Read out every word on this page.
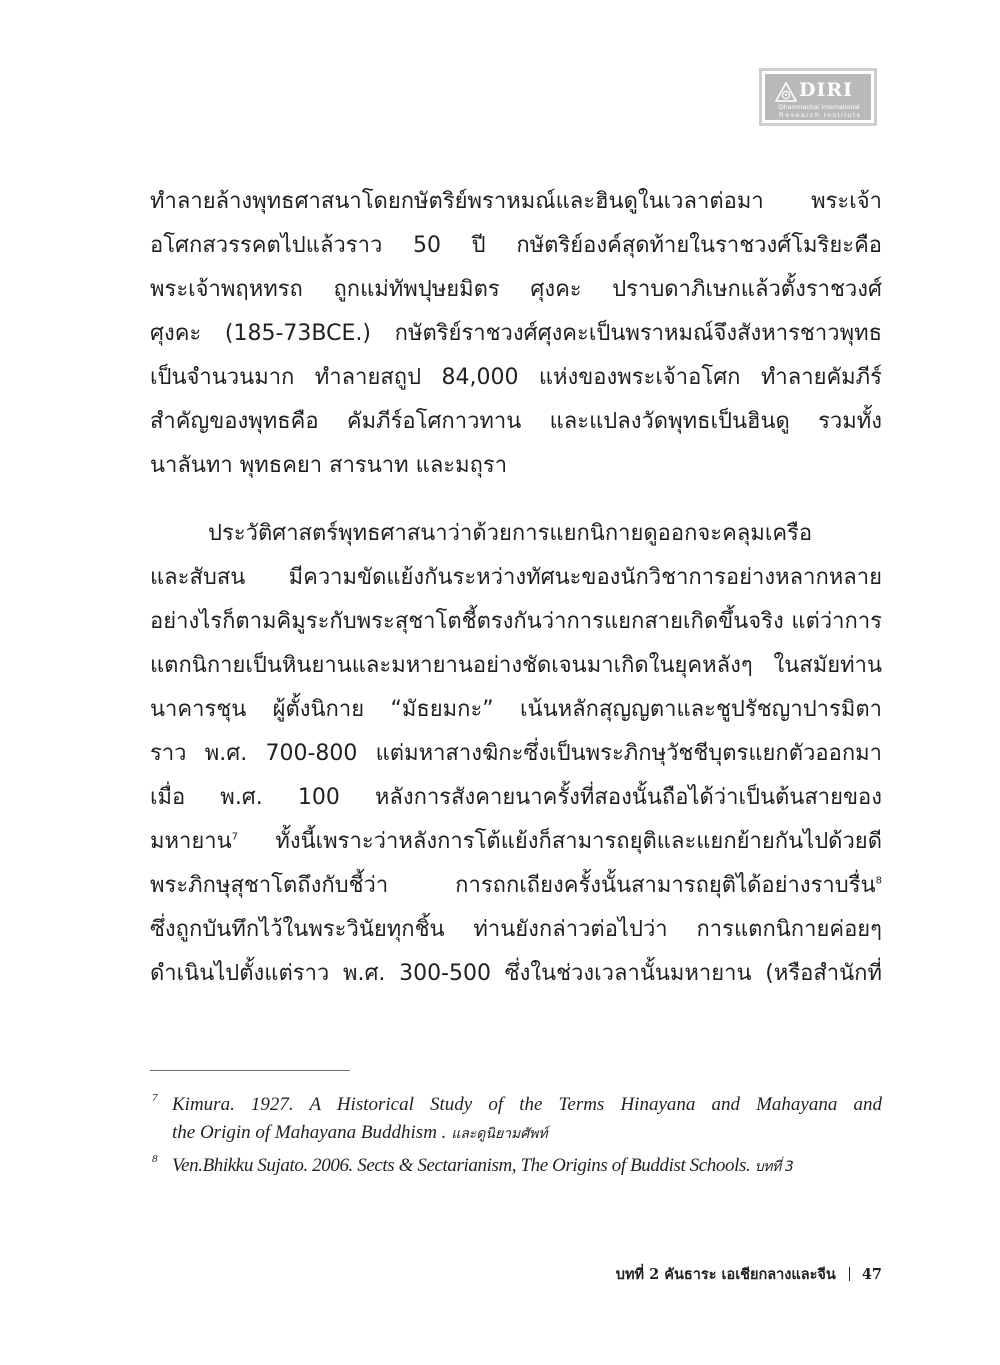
DIRI
Dhammachai International
Research Institute
ทำลายล้างพุทธศาสนาโดยกษัตริย์พราหมณ์และฮินดูในเวลาต่อมา พระเจ้า
อโศกสวรรคตไปแล้วราว 50 ปี กษัตริย์องค์สุดท้ายในราชวงศ์โมริยะคือ
พระเจ้าพฤหทรถ ถูกแม่ทัพปุษยมิตร ศุงคะ ปราบดาภิเษกแล้วตั้งราชวงศ์
ศุงคะ (185-73BCE.) กษัตริย์ราชวงศ์ศุงคะเป็นพราหมณ์จึงสังหารชาวพุทธ
เป็นจำนวนมาก ทำลายสถูป 84,000 แห่งของพระเจ้าอโศก ทำลายคัมภีร์
สำคัญของพุทธคือ คัมภีร์อโศกาวทาน และแปลงวัดพุทธเป็นฮินดู รวมทั้ง
นาลันทา พุทธคยา สารนาท และมถุรา
ประวัติศาสตร์พุทธศาสนาว่าด้วยการแยกนิกายดูออกจะคลุมเครือ
และสับสน มีความขัดแย้งกันระหว่างทัศนะของนักวิชาการอย่างหลากหลาย
อย่างไรก็ตามคิมูระกับพระสุชาโตชี้ตรงกันว่าการแยกสายเกิดขึ้นจริง แต่ว่าการ
แตกนิกายเป็นหินยานและมหายานอย่างชัดเจนมาเกิดในยุคหลังๆ ในสมัยท่าน
นาคารชุน ผู้ตั้งนิกาย “มัธยมกะ” เน้นหลักสุญญตาและชูปรัชญาปารมิตา
ราว พ.ศ. 700-800 แต่มหาสางฆิกะซึ่งเป็นพระภิกษุวัชชีบุตรแยกตัวออกมา
เมื่อ พ.ศ. 100 หลังการสังคายนาครั้งที่สองนั้นถือได้ว่าเป็นต้นสายของ
มหายาน$^7$ ทั้งนี้เพราะว่าหลังการโต้แย้งก็สามารถยุติและแยกย้ายกันไปด้วยดี
พระภิกษุสุชาโตถึงกับชี้ว่า การถกเถียงครั้งนั้นสามารถยุติได้อย่างราบรื่น$^8$
ซึ่งถูกบันทึกไว้ในพระวินัยทุกชิ้น ท่านยังกล่าวต่อไปว่า การแตกนิกายค่อยๆ
ดำเนินไปตั้งแต่ราว พ.ศ. 300-500 ซึ่งในช่วงเวลานั้นมหายาน (หรือสำนักที่
7 Kimura. 1927. A Historical Study of the Terms Hinayana and Mahayana and
the Origin of Mahayana Buddhism . และดูนิยามศัพท์
8 Ven.Bhikku Sujato. 2006. Sects & Sectarianism, The Origins of Buddist Schools. บทที่ 3
บทที่ 2 คันธาระ เอเชียกลางและจีน 47
